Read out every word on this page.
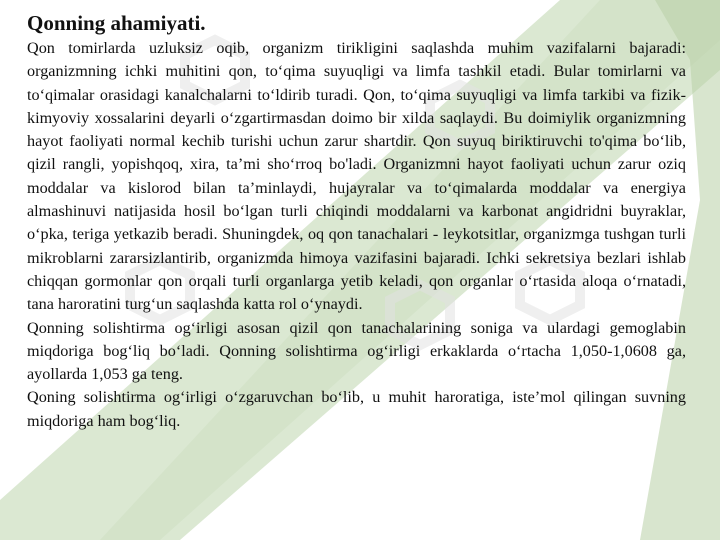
Qonning ahamiyati.

Qon tomirlarda uzluksiz oqib, organizm tirikligini saqlashda muhim vazifalarni bajaradi: organizmning ichki muhitini qon, to‘qima suyuqligi va limfa tashkil etadi. Bular tomirlarni va to‘qimalar orasidagi kanalchalarni to‘ldirib turadi. Qon, to‘qima suyuqligi va limfa tarkibi va fizik-kimyoviy xossalarini deyarli o‘zgartirmasdan doimo bir xilda saqlaydi. Bu doimiylik organizmning hayot faoliyati normal kechib turishi uchun zarur shartdir. Qon suyuq biriktiruvchi to'qima bo‘lib, qizil rangli, yopishqoq, xira, ta’mi sho‘rroq bo'ladi. Organizmni hayot faoliyati uchun zarur oziq moddalar va kislorod bilan ta’minlaydi, hujayralar va to‘qimalarda moddalar va energiya almashinuvi natijasida hosil bo‘lgan turli chiqindi moddalarni va karbonat angidridni buyraklar, o‘pka, teriga yetkazib beradi. Shuningdek, oq qon tanachalari - leykotsitlar, organizmga tushgan turli mikroblarni zararsizlantirib, organizmda himoya vazifasini bajaradi. Ichki sekretsiya bezlari ishlab chiqqan gormonlar qon orqali turli organlarga yetib keladi, qon organlar o‘rtasida aloqa o‘rnatadi, tana haroratini turg‘un saqlashda katta rol o‘ynaydi.

Qonning solishtirma og‘irligi asosan qizil qon tanachalarining soniga va ulardagi gemoglabin miqdoriga bog‘liq bo‘ladi. Qonning solishtirma og‘irligi erkaklarda o‘rtacha 1,050-1,0608 ga, ayollarda 1,053 ga teng.

Qoning solishtirma og‘irligi o‘zgaruvchan bo‘lib, u muhit haroratiga, iste’mol qilingan suvning miqdoriga ham bog‘liq.
